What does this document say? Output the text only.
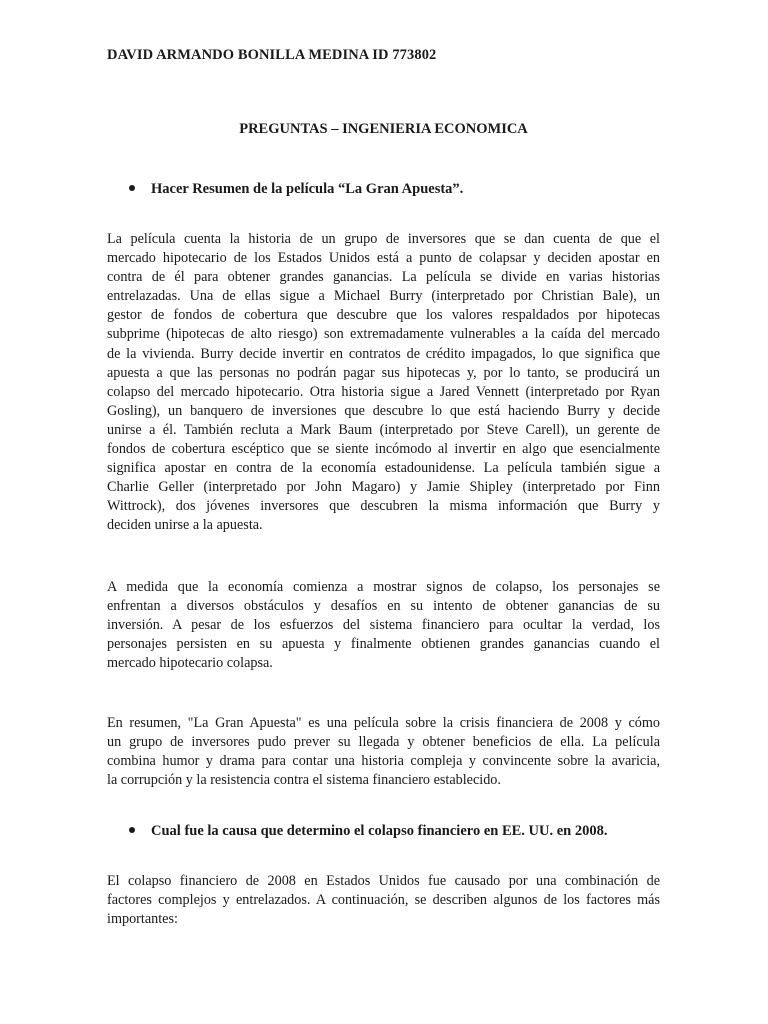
DAVID ARMANDO BONILLA MEDINA ID 773802
PREGUNTAS – INGENIERIA ECONOMICA
Hacer Resumen de la película “La Gran Apuesta”.
La película cuenta la historia de un grupo de inversores que se dan cuenta de que el
mercado hipotecario de los Estados Unidos está a punto de colapsar y deciden apostar en
contra de él para obtener grandes ganancias. La película se divide en varias historias
entrelazadas. Una de ellas sigue a Michael Burry (interpretado por Christian Bale), un
gestor de fondos de cobertura que descubre que los valores respaldados por hipotecas
subprime (hipotecas de alto riesgo) son extremadamente vulnerables a la caída del mercado
de la vivienda. Burry decide invertir en contratos de crédito impagados, lo que significa que
apuesta a que las personas no podrán pagar sus hipotecas y, por lo tanto, se producirá un
colapso del mercado hipotecario. Otra historia sigue a Jared Vennett (interpretado por Ryan
Gosling), un banquero de inversiones que descubre lo que está haciendo Burry y decide
unirse a él. También recluta a Mark Baum (interpretado por Steve Carell), un gerente de
fondos de cobertura escéptico que se siente incómodo al invertir en algo que esencialmente
significa apostar en contra de la economía estadounidense. La película también sigue a
Charlie Geller (interpretado por John Magaro) y Jamie Shipley (interpretado por Finn
Wittrock), dos jóvenes inversores que descubren la misma información que Burry y
deciden unirse a la apuesta.
A medida que la economía comienza a mostrar signos de colapso, los personajes se
enfrentan a diversos obstáculos y desafíos en su intento de obtener ganancias de su
inversión. A pesar de los esfuerzos del sistema financiero para ocultar la verdad, los
personajes persisten en su apuesta y finalmente obtienen grandes ganancias cuando el
mercado hipotecario colapsa.
En resumen, "La Gran Apuesta" es una película sobre la crisis financiera de 2008 y cómo
un grupo de inversores pudo prever su llegada y obtener beneficios de ella. La película
combina humor y drama para contar una historia compleja y convincente sobre la avaricia,
la corrupción y la resistencia contra el sistema financiero establecido.
Cual fue la causa que determino el colapso financiero en EE. UU. en 2008.
El colapso financiero de 2008 en Estados Unidos fue causado por una combinación de
factores complejos y entrelazados. A continuación, se describen algunos de los factores más
importantes:
